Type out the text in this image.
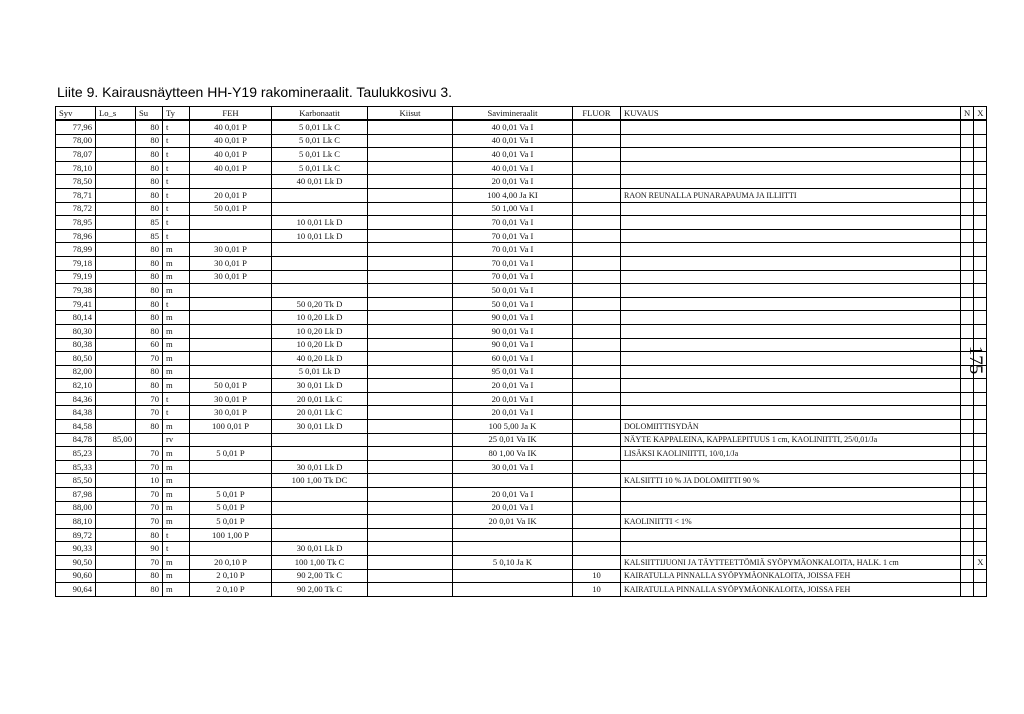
Liite 9. Kairausnäytteen HH-Y19 rakomineraalit. Taulukkosivu 3.
175
Syv	Lo_s	Su	Ty	FEH	Karbonaatit	Kiisut	Savimineraalit	FLUOR	KUVAUS	N	X
77,96		80	t	40 0,01 P	5 0,01 Lk C		40 0,01 Va I				
78,00		80	t	40 0,01 P	5 0,01 Lk C		40 0,01 Va I				
78,07		80	t	40 0,01 P	5 0,01 Lk C		40 0,01 Va I				
78,10		80	t	40 0,01 P	5 0,01 Lk C		40 0,01 Va I				
78,50		80	t		40 0,01 Lk D		20 0,01 Va I				
78,71		80	t	20 0,01 P			100 4,00 Ja KI		RAON REUNALLA PUNARAPAUMA JA ILLIITTI		
78,72		80	t	50 0,01 P			50 1,00 Va I				
78,95		85	t		10 0,01 Lk D		70 0,01 Va I				
78,96		85	t		10 0,01 Lk D		70 0,01 Va I				
78,99		80	m	30 0,01 P			70 0,01 Va I				
79,18		80	m	30 0,01 P			70 0,01 Va I				
79,19		80	m	30 0,01 P			70 0,01 Va I				
79,38		80	m				50 0,01 Va I				
79,41		80	t		50 0,20 Tk D		50 0,01 Va I				
80,14		80	m		10 0,20 Lk D		90 0,01 Va I				
80,30		80	m		10 0,20 Lk D		90 0,01 Va I				
80,38		60	m		10 0,20 Lk D		90 0,01 Va I				
80,50		70	m		40 0,20 Lk D		60 0,01 Va I				
82,00		80	m		5 0,01 Lk D		95 0,01 Va I				
82,10		80	m	50 0,01 P	30 0,01 Lk D		20 0,01 Va I				
84,36		70	t	30 0,01 P	20 0,01 Lk C		20 0,01 Va I				
84,38		70	t	30 0,01 P	20 0,01 Lk C		20 0,01 Va I				
84,58		80	m	100 0,01 P	30 0,01 Lk D		100 5,00 Ja K		DOLOMIITTISYDÄN		
84,78	85,00		rv				25 0,01 Va IK		NÄYTE KAPPALEINA, KAPPALEPITUUS 1 cm, KAOLINIITTI, 25/0,01/Ja		
85,23		70	m	5 0,01 P			80 1,00 Va IK		LISÄKSI KAOLINIITTI, 10/0,1/Ja		
85,33		70	m		30 0,01 Lk D		30 0,01 Va I				
85,50		10	m		100 1,00 Tk DC				KALSIITTI 10 % JA DOLOMIITTI 90 %		
87,98		70	m	5 0,01 P			20 0,01 Va I				
88,00		70	m	5 0,01 P			20 0,01 Va I				
88,10		70	m	5 0,01 P			20 0,01 Va IK		KAOLINIITTI < 1%		
89,72		80	t	100 1,00 P							
90,33		90	t		30 0,01 Lk D						
90,50		70	m	20 0,10 P	100 1,00 Tk C		5 0,10 Ja K		KALSIITTIJUONI JA TÄYTTEETTÖMIÄ SYÖPYMÄONKALOITA, HALK. 1 cm		X
90,60		80	m	2 0,10 P	90 2,00 Tk C			10	KAIRATULLA PINNALLA SYÖPYMÄONKALOITA, JOISSA FEH		
90,64		80	m	2 0,10 P	90 2,00 Tk C			10	KAIRATULLA PINNALLA SYÖPYMÄONKALOITA, JOISSA FEH		
